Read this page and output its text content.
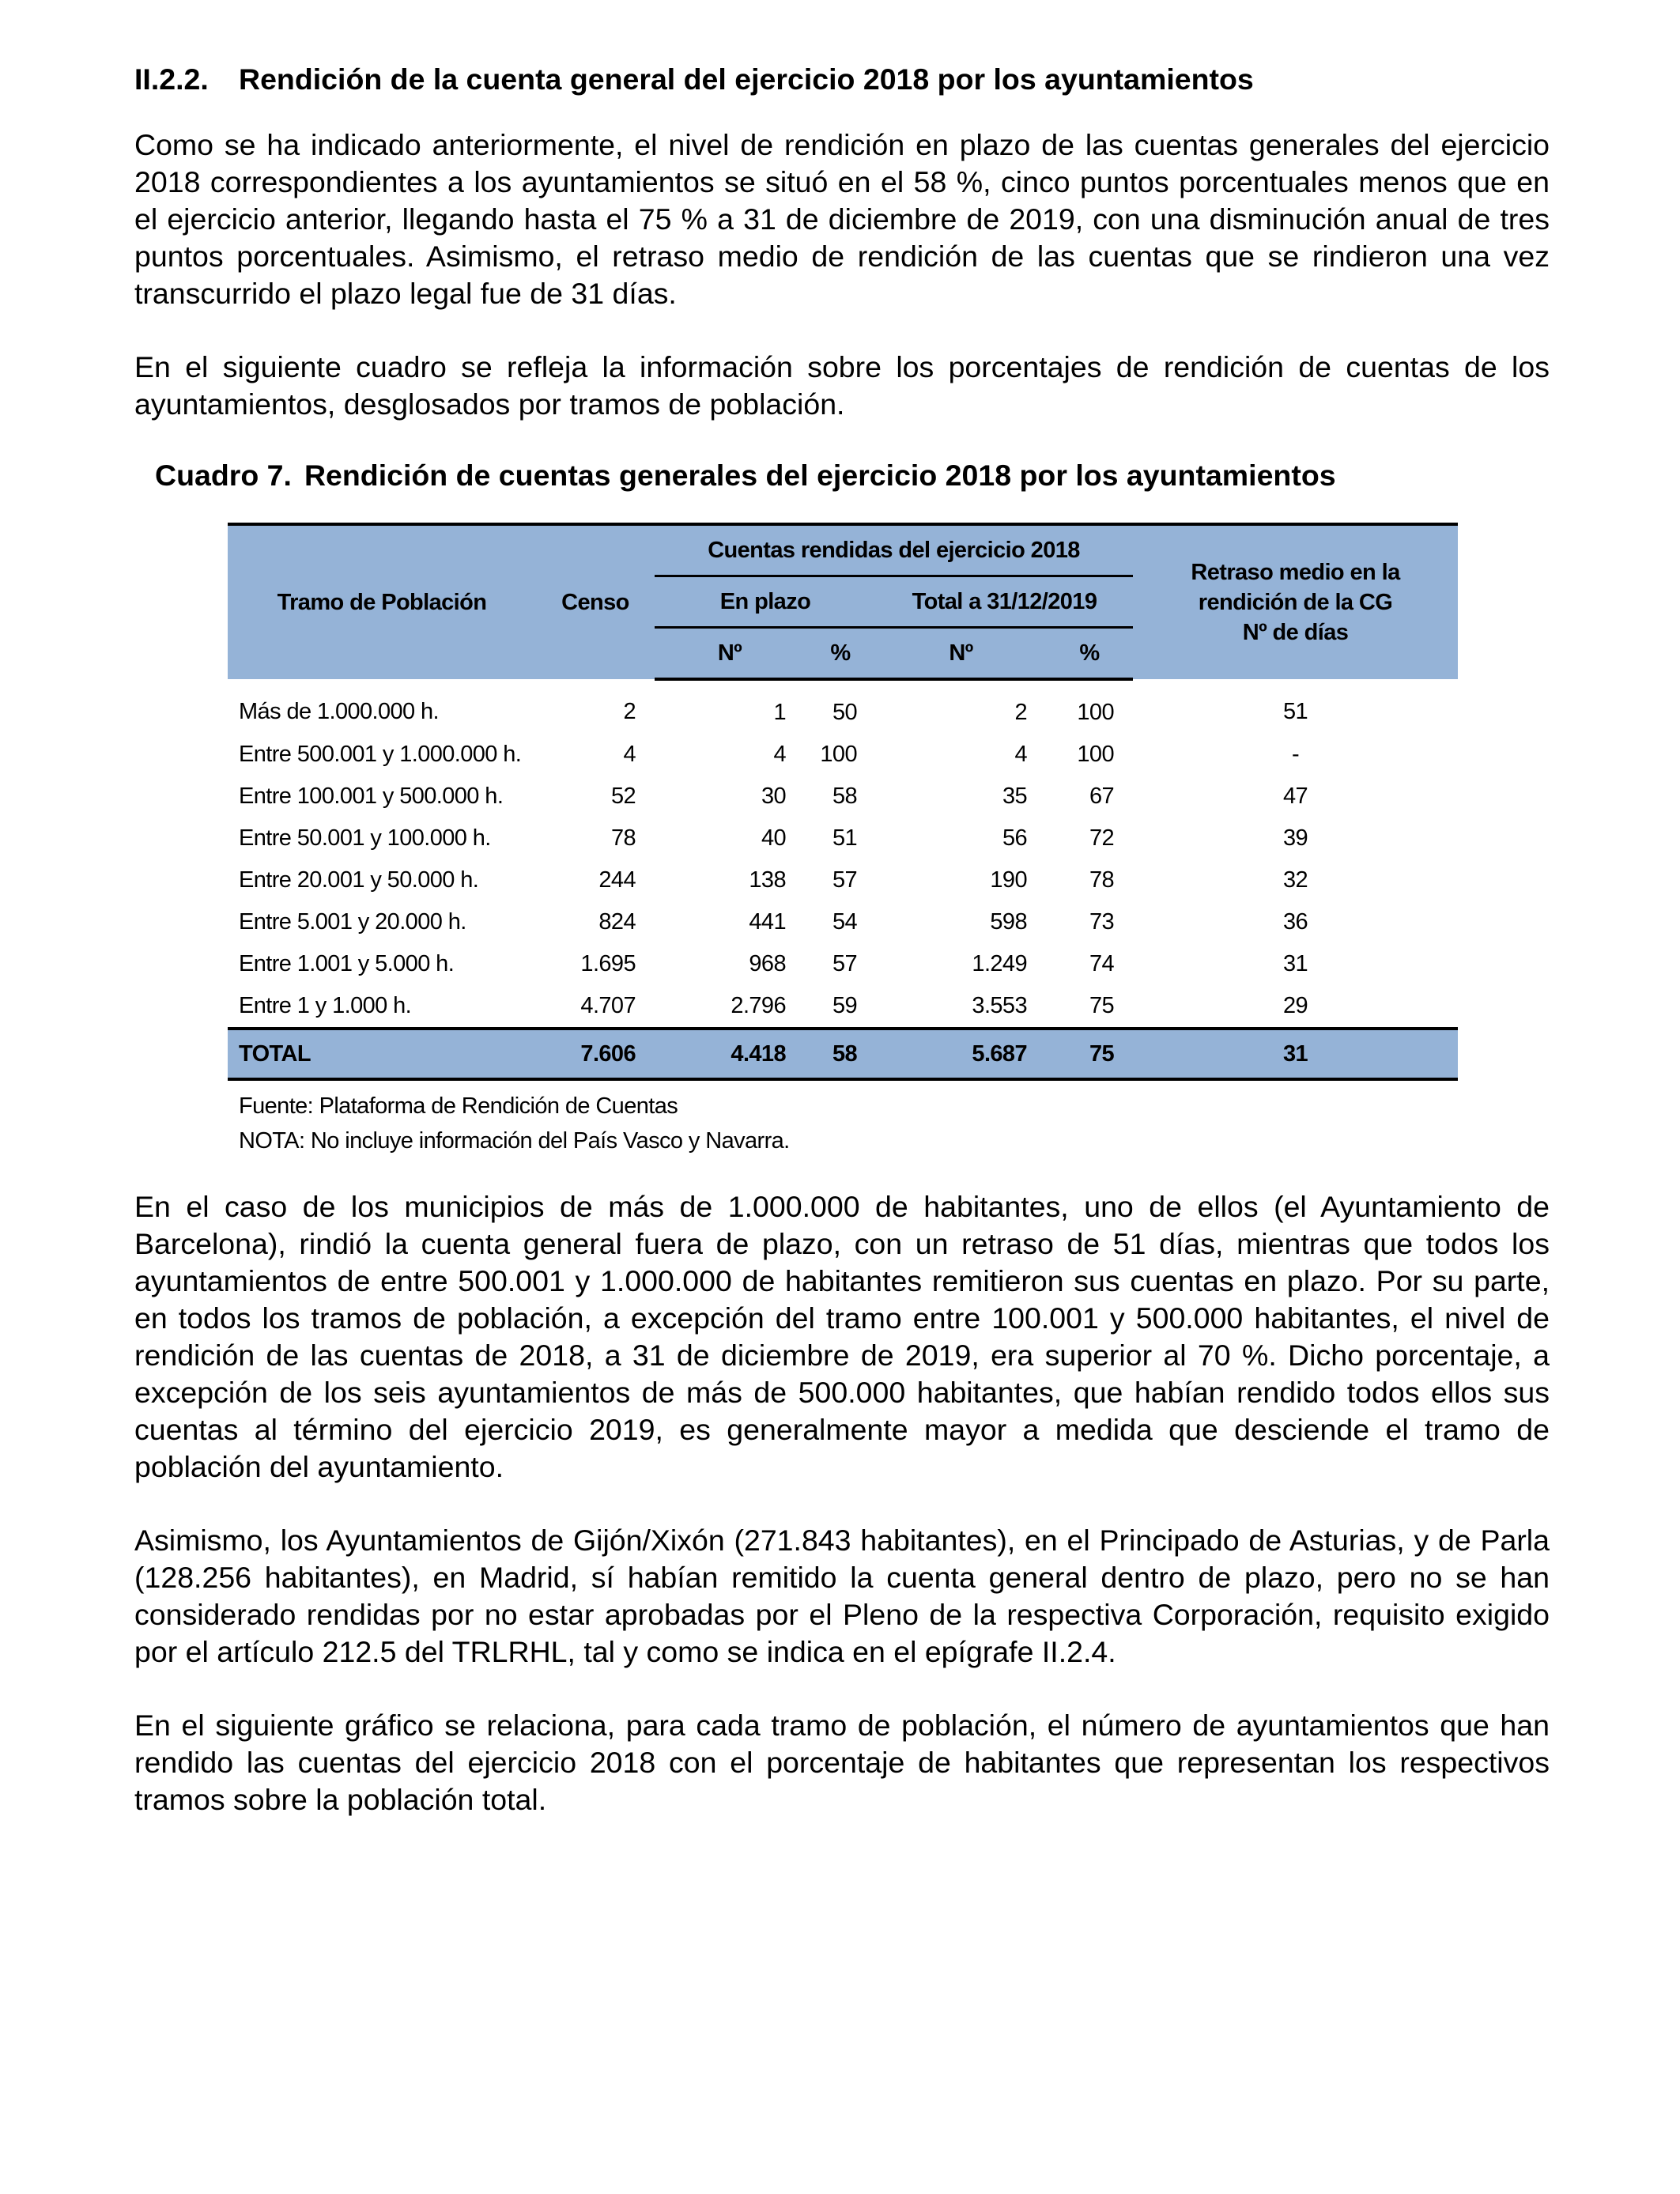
II.2.2. Rendición de la cuenta general del ejercicio 2018 por los ayuntamientos

Como se ha indicado anteriormente, el nivel de rendición en plazo de las cuentas generales del ejercicio 2018 correspondientes a los ayuntamientos se situó en el 58 %, cinco puntos porcentuales menos que en el ejercicio anterior, llegando hasta el 75 % a 31 de diciembre de 2019, con una disminución anual de tres puntos porcentuales. Asimismo, el retraso medio de rendición de las cuentas que se rindieron una vez transcurrido el plazo legal fue de 31 días.

En el siguiente cuadro se refleja la información sobre los porcentajes de rendición de cuentas de los ayuntamientos, desglosados por tramos de población.

Cuadro 7. Rendición de cuentas generales del ejercicio 2018 por los ayuntamientos
Tramo de Población	Censo	Cuentas rendidas del ejercicio 2018				Retraso medio en la
rendición de la CG
Nº de días

		En plazo		Total a 31/12/2019		
		Nº	%	Nº	%	
Más de 1.000.000 h.	2	1	50	2	100	51
Entre 500.001 y 1.000.000 h.	4	4	100	4	100	-
Entre 100.001 y 500.000 h.	52	30	58	35	67	47
Entre 50.001 y 100.000 h.	78	40	51	56	72	39
Entre 20.001 y 50.000 h.	244	138	57	190	78	32
Entre 5.001 y 20.000 h.	824	441	54	598	73	36
Entre 1.001 y 5.000 h.	1.695	968	57	1.249	74	31
Entre 1 y 1.000 h.	4.707	2.796	59	3.553	75	29
TOTAL	7.606	4.418	58	5.687	75	31
Fuente: Plataforma de Rendición de Cuentas
NOTA: No incluye información del País Vasco y Navarra.

En el caso de los municipios de más de 1.000.000 de habitantes, uno de ellos (el Ayuntamiento de Barcelona), rindió la cuenta general fuera de plazo, con un retraso de 51 días, mientras que todos los ayuntamientos de entre 500.001 y 1.000.000 de habitantes remitieron sus cuentas en plazo. Por su parte, en todos los tramos de población, a excepción del tramo entre 100.001 y 500.000 habitantes, el nivel de rendición de las cuentas de 2018, a 31 de diciembre de 2019, era superior al 70 %. Dicho porcentaje, a excepción de los seis ayuntamientos de más de 500.000 habitantes, que habían rendido todos ellos sus cuentas al término del ejercicio 2019, es generalmente mayor a medida que desciende el tramo de población del ayuntamiento.

Asimismo, los Ayuntamientos de Gijón/Xixón (271.843 habitantes), en el Principado de Asturias, y de Parla (128.256 habitantes), en Madrid, sí habían remitido la cuenta general dentro de plazo, pero no se han considerado rendidas por no estar aprobadas por el Pleno de la respectiva Corporación, requisito exigido por el artículo 212.5 del TRLRHL, tal y como se indica en el epígrafe II.2.4.

En el siguiente gráfico se relaciona, para cada tramo de población, el número de ayuntamientos que han rendido las cuentas del ejercicio 2018 con el porcentaje de habitantes que representan los respectivos tramos sobre la población total.
